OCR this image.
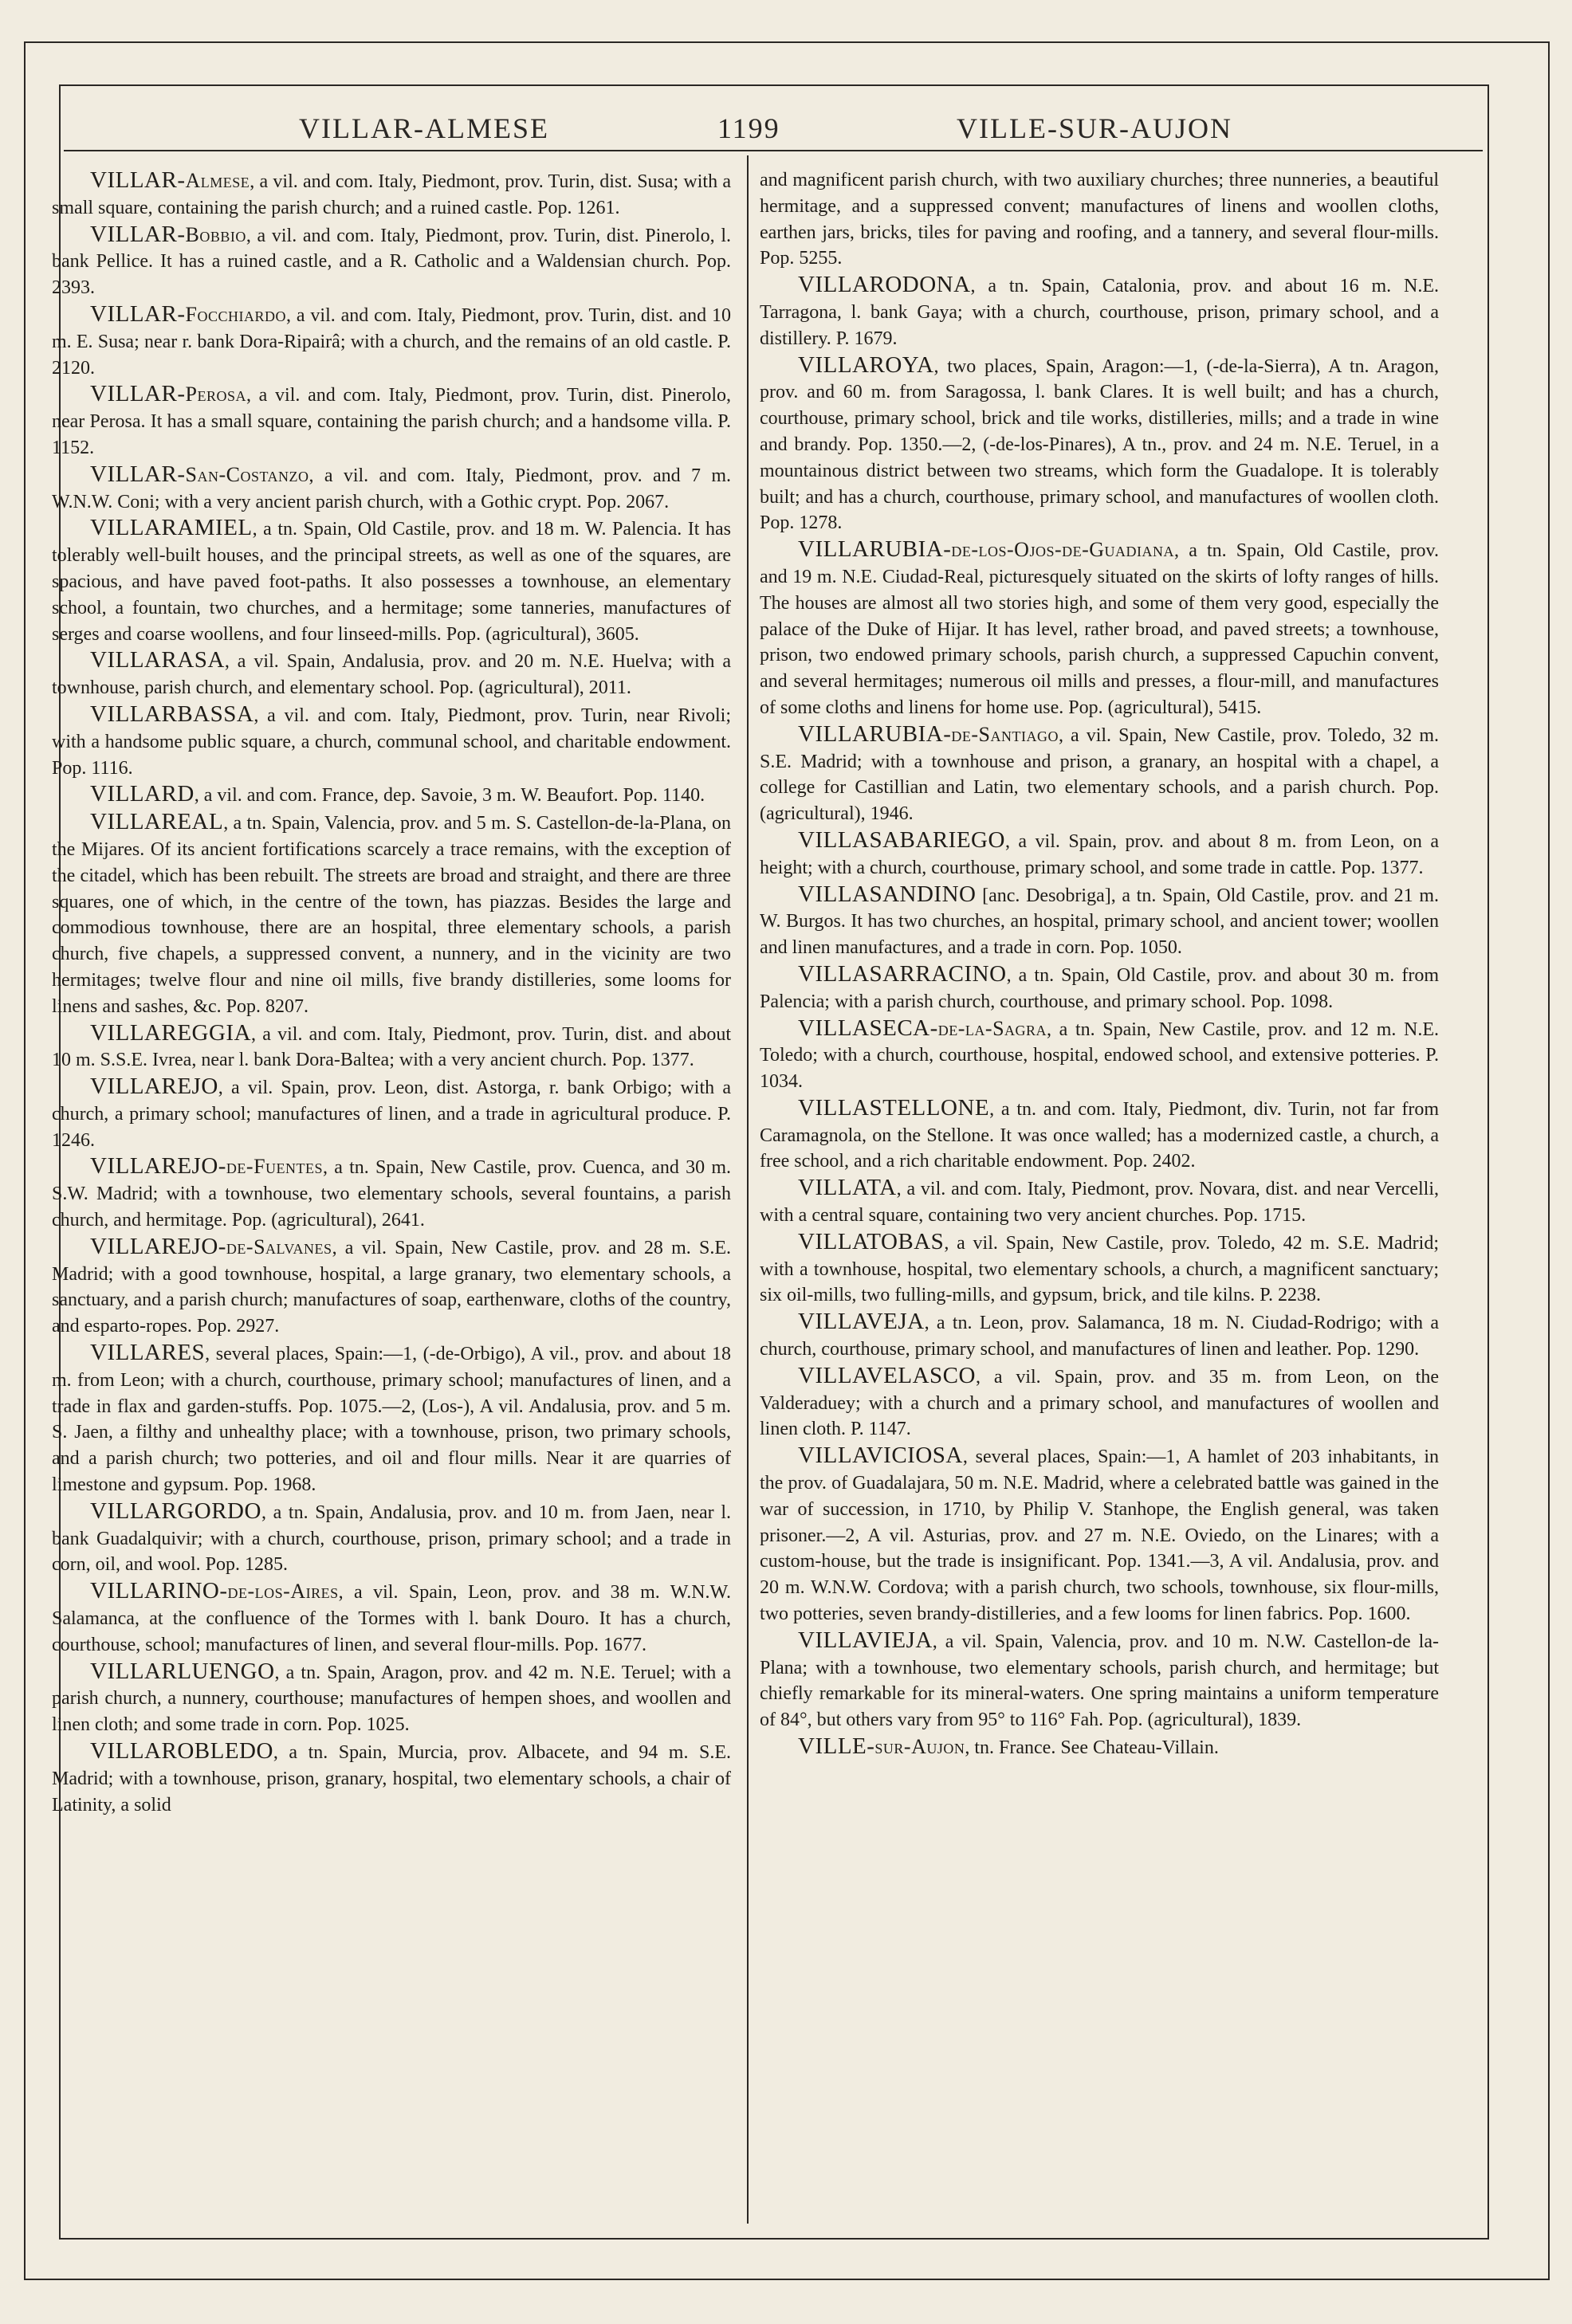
VILLAR-ALMESE	1199	VILLE-SUR-AUJON

VILLAR-Almese, a vil. and com. Italy, Piedmont, prov. Turin, dist. Susa; with a small square, containing the parish church; and a ruined castle. Pop. 1261.

VILLAR-Bobbio, a vil. and com. Italy, Piedmont, prov. Turin, dist. Pinerolo, l. bank Pellice. It has a ruined castle, and a R. Catholic and a Waldensian church. Pop. 2393.

VILLAR-Focchiardo, a vil. and com. Italy, Piedmont, prov. Turin, dist. and 10 m. E. Susa; near r. bank Dora-Ripairâ; with a church, and the remains of an old castle. P. 2120.

VILLAR-Perosa, a vil. and com. Italy, Piedmont, prov. Turin, dist. Pinerolo, near Perosa. It has a small square, containing the parish church; and a handsome villa. P. 1152.

VILLAR-San-Costanzo, a vil. and com. Italy, Piedmont, prov. and 7 m. W.N.W. Coni; with a very ancient parish church, with a Gothic crypt. Pop. 2067.

VILLARAMIEL, a tn. Spain, Old Castile, prov. and 18 m. W. Palencia. It has tolerably well-built houses, and the principal streets, as well as one of the squares, are spacious, and have paved foot-paths. It also possesses a townhouse, an elementary school, a fountain, two churches, and a hermitage; some tanneries, manufactures of serges and coarse woollens, and four linseed-mills. Pop. (agricultural), 3605.

VILLARASA, a vil. Spain, Andalusia, prov. and 20 m. N.E. Huelva; with a townhouse, parish church, and elementary school. Pop. (agricultural), 2011.

VILLARBASSA, a vil. and com. Italy, Piedmont, prov. Turin, near Rivoli; with a handsome public square, a church, communal school, and charitable endowment. Pop. 1116.

VILLARD, a vil. and com. France, dep. Savoie, 3 m. W. Beaufort. Pop. 1140.

VILLAREAL, a tn. Spain, Valencia, prov. and 5 m. S. Castellon-de-la-Plana, on the Mijares. Of its ancient fortifications scarcely a trace remains, with the exception of the citadel, which has been rebuilt. The streets are broad and straight, and there are three squares, one of which, in the centre of the town, has piazzas. Besides the large and commodious townhouse, there are an hospital, three elementary schools, a parish church, five chapels, a suppressed convent, a nunnery, and in the vicinity are two hermitages; twelve flour and nine oil mills, five brandy distilleries, some looms for linens and sashes, &c. Pop. 8207.

VILLAREGGIA, a vil. and com. Italy, Piedmont, prov. Turin, dist. and about 10 m. S.S.E. Ivrea, near l. bank Dora-Baltea; with a very ancient church. Pop. 1377.

VILLAREJO, a vil. Spain, prov. Leon, dist. Astorga, r. bank Orbigo; with a church, a primary school; manufactures of linen, and a trade in agricultural produce. P. 1246.

VILLAREJO-de-Fuentes, a tn. Spain, New Castile, prov. Cuenca, and 30 m. S.W. Madrid; with a townhouse, two elementary schools, several fountains, a parish church, and hermitage. Pop. (agricultural), 2641.

VILLAREJO-de-Salvanes, a vil. Spain, New Castile, prov. and 28 m. S.E. Madrid; with a good townhouse, hospital, a large granary, two elementary schools, a sanctuary, and a parish church; manufactures of soap, earthenware, cloths of the country, and esparto-ropes. Pop. 2927.

VILLARES, several places, Spain:—1, (-de-Orbigo), A vil., prov. and about 18 m. from Leon; with a church, courthouse, primary school; manufactures of linen, and a trade in flax and garden-stuffs. Pop. 1075.—2, (Los-), A vil. Andalusia, prov. and 5 m. S. Jaen, a filthy and unhealthy place; with a townhouse, prison, two primary schools, and a parish church; two potteries, and oil and flour mills. Near it are quarries of limestone and gypsum. Pop. 1968.

VILLARGORDO, a tn. Spain, Andalusia, prov. and 10 m. from Jaen, near l. bank Guadalquivir; with a church, courthouse, prison, primary school; and a trade in corn, oil, and wool. Pop. 1285.

VILLARINO-de-los-Aires, a vil. Spain, Leon, prov. and 38 m. W.N.W. Salamanca, at the confluence of the Tormes with l. bank Douro. It has a church, courthouse, school; manufactures of linen, and several flour-mills. Pop. 1677.

VILLARLUENGO, a tn. Spain, Aragon, prov. and 42 m. N.E. Teruel; with a parish church, a nunnery, courthouse; manufactures of hempen shoes, and woollen and linen cloth; and some trade in corn. Pop. 1025.

VILLAROBLEDO, a tn. Spain, Murcia, prov. Albacete, and 94 m. S.E. Madrid; with a townhouse, prison, granary, hospital, two elementary schools, a chair of Latinity, a solid

and magnificent parish church, with two auxiliary churches; three nunneries, a beautiful hermitage, and a suppressed convent; manufactures of linens and woollen cloths, earthen jars, bricks, tiles for paving and roofing, and a tannery, and several flour-mills. Pop. 5255.

VILLARODONA, a tn. Spain, Catalonia, prov. and about 16 m. N.E. Tarragona, l. bank Gaya; with a church, courthouse, prison, primary school, and a distillery. P. 1679.

VILLAROYA, two places, Spain, Aragon:—1, (-de-la-Sierra), A tn. Aragon, prov. and 60 m. from Saragossa, l. bank Clares. It is well built; and has a church, courthouse, primary school, brick and tile works, distilleries, mills; and a trade in wine and brandy. Pop. 1350.—2, (-de-los-Pinares), A tn., prov. and 24 m. N.E. Teruel, in a mountainous district between two streams, which form the Guadalope. It is tolerably built; and has a church, courthouse, primary school, and manufactures of woollen cloth. Pop. 1278.

VILLARUBIA-de-los-Ojos-de-Guadiana, a tn. Spain, Old Castile, prov. and 19 m. N.E. Ciudad-Real, picturesquely situated on the skirts of lofty ranges of hills. The houses are almost all two stories high, and some of them very good, especially the palace of the Duke of Hijar. It has level, rather broad, and paved streets; a townhouse, prison, two endowed primary schools, parish church, a suppressed Capuchin convent, and several hermitages; numerous oil mills and presses, a flour-mill, and manufactures of some cloths and linens for home use. Pop. (agricultural), 5415.

VILLARUBIA-de-Santiago, a vil. Spain, New Castile, prov. Toledo, 32 m. S.E. Madrid; with a townhouse and prison, a granary, an hospital with a chapel, a college for Castillian and Latin, two elementary schools, and a parish church. Pop. (agricultural), 1946.

VILLASABARIEGO, a vil. Spain, prov. and about 8 m. from Leon, on a height; with a church, courthouse, primary school, and some trade in cattle. Pop. 1377.

VILLASANDINO [anc. Desobriga], a tn. Spain, Old Castile, prov. and 21 m. W. Burgos. It has two churches, an hospital, primary school, and ancient tower; woollen and linen manufactures, and a trade in corn. Pop. 1050.

VILLASARRACINO, a tn. Spain, Old Castile, prov. and about 30 m. from Palencia; with a parish church, courthouse, and primary school. Pop. 1098.

VILLASECA-de-la-Sagra, a tn. Spain, New Castile, prov. and 12 m. N.E. Toledo; with a church, courthouse, hospital, endowed school, and extensive potteries. P. 1034.

VILLASTELLONE, a tn. and com. Italy, Piedmont, div. Turin, not far from Caramagnola, on the Stellone. It was once walled; has a modernized castle, a church, a free school, and a rich charitable endowment. Pop. 2402.

VILLATA, a vil. and com. Italy, Piedmont, prov. Novara, dist. and near Vercelli, with a central square, containing two very ancient churches. Pop. 1715.

VILLATOBAS, a vil. Spain, New Castile, prov. Toledo, 42 m. S.E. Madrid; with a townhouse, hospital, two elementary schools, a church, a magnificent sanctuary; six oil-mills, two fulling-mills, and gypsum, brick, and tile kilns. P. 2238.

VILLAVEJA, a tn. Leon, prov. Salamanca, 18 m. N. Ciudad-Rodrigo; with a church, courthouse, primary school, and manufactures of linen and leather. Pop. 1290.

VILLAVELASCO, a vil. Spain, prov. and 35 m. from Leon, on the Valderaduey; with a church and a primary school, and manufactures of woollen and linen cloth. P. 1147.

VILLAVICIOSA, several places, Spain:—1, A hamlet of 203 inhabitants, in the prov. of Guadalajara, 50 m. N.E. Madrid, where a celebrated battle was gained in the war of succession, in 1710, by Philip V. Stanhope, the English general, was taken prisoner.—2, A vil. Asturias, prov. and 27 m. N.E. Oviedo, on the Linares; with a custom-house, but the trade is insignificant. Pop. 1341.—3, A vil. Andalusia, prov. and 20 m. W.N.W. Cordova; with a parish church, two schools, townhouse, six flour-mills, two potteries, seven brandy-distilleries, and a few looms for linen fabrics. Pop. 1600.

VILLAVIEJA, a vil. Spain, Valencia, prov. and 10 m. N.W. Castellon-de la-Plana; with a townhouse, two elementary schools, parish church, and hermitage; but chiefly remarkable for its mineral-waters. One spring maintains a uniform temperature of 84°, but others vary from 95° to 116° Fah. Pop. (agricultural), 1839.

VILLE-sur-Aujon, tn. France. See Chateau-Villain.
